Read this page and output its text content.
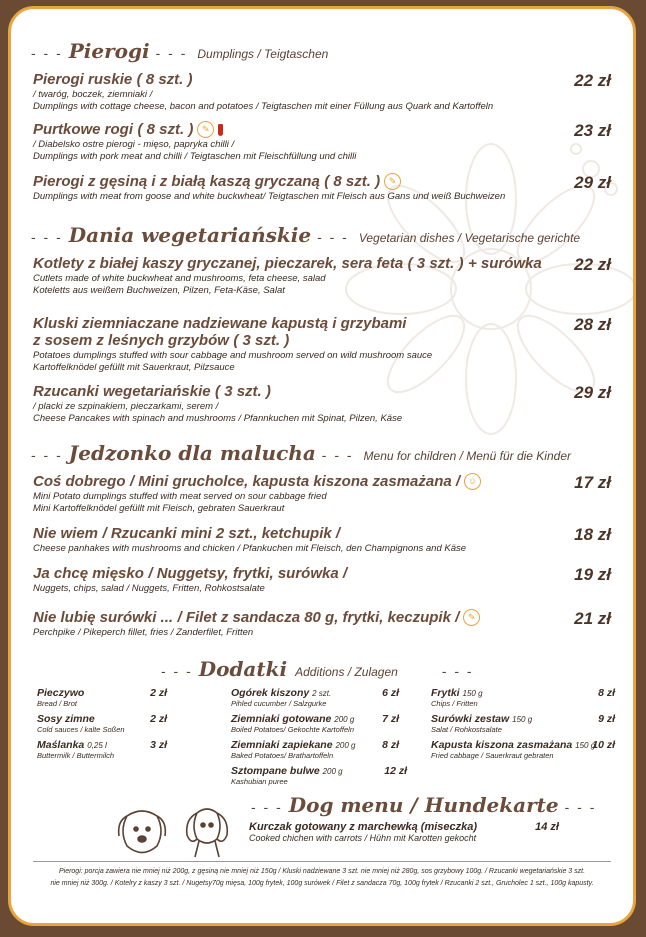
- - - Pierogi - - - Dumplings / Teigtaschen
Pierogi ruskie ( 8 szt. )	22 zł
/ twaróg, boczek, ziemniaki /
Dumplings with cottage cheese, bacon and potatoes / Teigtaschen mit einer Füllung aus Quark and Kartoffeln
Purtkowe rogi ( 8 szt. ) ✎	23 zł
/ Diabelsko ostre pierogi - mięso, papryka chilli /
Dumplings with pork meat and chilli / Teigtaschen mit Fleischfüllung und chilli
Pierogi z gęsiną i z białą kaszą gryczaną ( 8 szt. ) ✎	29 zł
Dumplings with meat from goose and white buckwheat/ Teigtaschen mit Fleisch aus Gans und weiß Buchweizen
- - - Dania wegetariańskie - - - Vegetarian dishes / Vegetarische gerichte
Kotlety z białej kaszy gryczanej, pieczarek, sera feta ( 3 szt. ) + surówka	22 zł
Cutlets made of white buckwheat and mushrooms, feta cheese, salad
Koteletts aus weißem Buchweizen, Pilzen, Feta-Käse, Salat
Kluski ziemniaczane nadziewane kapustą i grzybami
z sosem z leśnych grzybów ( 3 szt. )
28 zł
Potatoes dumplings stuffed with sour cabbage and mushroom served on wild mushroom sauce
Kartoffelknödel gefüllt mit Sauerkraut, Pilzsauce
Rzucanki wegetariańskie ( 3 szt. )	29 zł
/ placki ze szpinakiem, pieczarkami, serem /
Cheese Pancakes with spinach and mushrooms / Pfannkuchen mit Spinat, Pilzen, Käse
- - - Jedzonko dla malucha - - - Menu for children / Menü für die Kinder
Coś dobrego / Mini grucholce, kapusta kiszona zasmażana / ☺	17 zł
Mini Potato dumplings stuffed with meat served on sour cabbage fried
Mini Kartoffelknödel gefüllt mit Fleisch, gebraten Sauerkraut
Nie wiem / Rzucanki mini 2 szt., ketchupik /	18 zł
Cheese panhakes with mushrooms and chicken / Pfankuchen mit Fleisch, den Champignons and Käse
Ja chcę mięsko / Nuggetsy, frytki, surówka /	19 zł
Nuggets, chips, salad / Nuggets, Fritten, Rohkostsalate
Nie lubię surówki ... / Filet z sandacza 80 g, frytki, keczupik / ✎	21 zł
Perchpike / Pikeperch fillet, fries / Zanderfilet, Fritten
- - - Dodatki Additions / Zulagen	- - -
Pieczywo
Bread / Brot
2 zł
Sosy zimne
Cold sauces / kalte Soßen
2 zł
Maślanka 0,25 l
Buttermilk / Buttermilch
3 zł
Ogórek kiszony 2 szt.
Pihled cucumber / Salzgurke
6 zł
Ziemniaki gotowane 200 g
Boiled Potatoes/ Gekochte Kartoffeln
7 zł
Ziemniaki zapiekane 200 g
Baked Potatoes/ Brathartoffeln
8 zł
Sztompane bulwe 200 g
Kashubian puree
12 zł
Frytki 150 g
Chips / Fritten
8 zł
Surówki zestaw 150 g
Salat / Rohkostsalate
9 zł
Kapusta kiszona zasmażana 150 g
Fried cabbage / Sauerkraut gebraten
10 zł
- - - Dog menu / Hundekarte - - -
Kurczak gotowany z marchewką (miseczka)
Cooked chichen with carrots / Hühn mit Karotten gekocht
14 zł
Pierogi: porcja zawiera nie mniej niż 200g, z gęsiną nie mniej niż 150g / Kluski nadziewane 3 szt. nie mniej niż 280g, sos grzybowy 100g. / Rzucanki wegetariańskie 3 szt.
nie mniej niż 300g. / Kotelry z kaszy 3 szt. / Nugetsy70g mięsa, 100g frytek, 100g surówek / Filet z sandacza 70g, 100g frytek / Rzucanki 2 szt., Grucholec 1 szt., 100g kapusty.
